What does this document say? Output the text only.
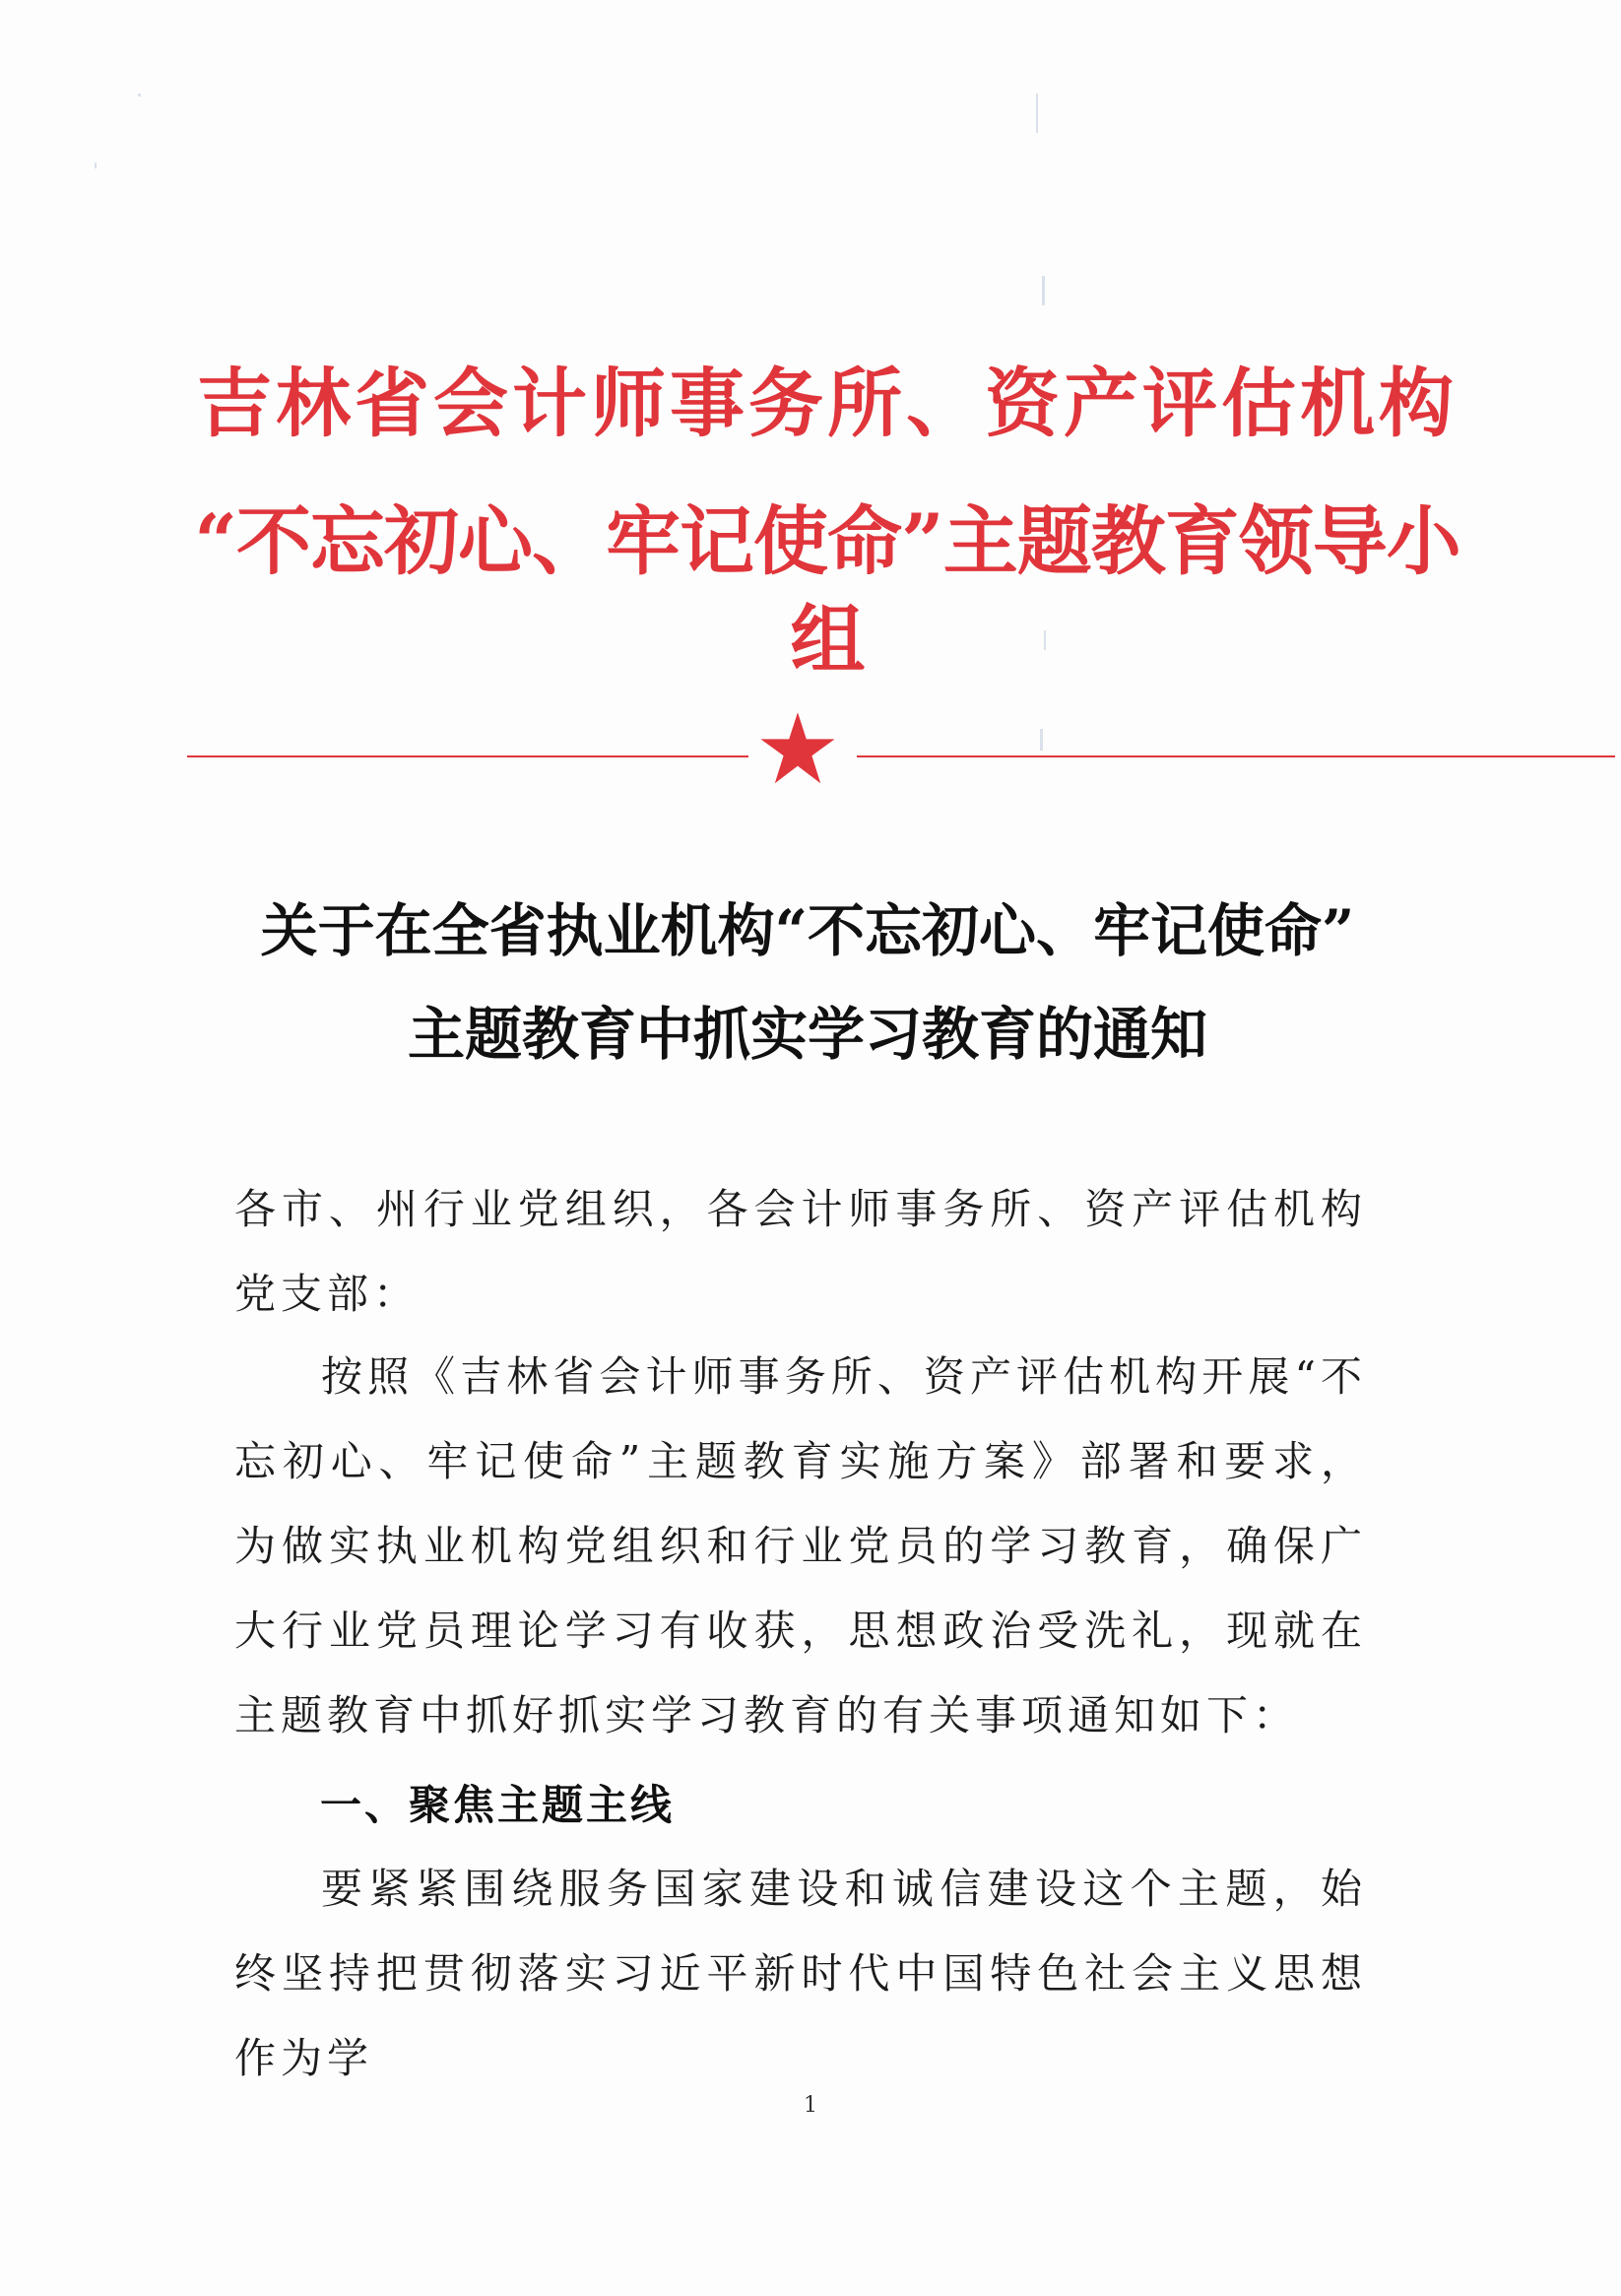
吉林省会计师事务所、资产评估机构
“不忘初心、牢记使命”主题教育领导小组
关于在全省执业机构“不忘初心、牢记使命”
主题教育中抓实学习教育的通知
各市、州行业党组织，各会计师事务所、资产评估机构党支部：
按照《吉林省会计师事务所、资产评估机构开展“不忘初心、牢记使命”主题教育实施方案》部署和要求，为做实执业机构党组织和行业党员的学习教育，确保广大行业党员理论学习有收获，思想政治受洗礼，现就在主题教育中抓好抓实学习教育的有关事项通知如下：
一、聚焦主题主线
要紧紧围绕服务国家建设和诚信建设这个主题，始终坚持把贯彻落实习近平新时代中国特色社会主义思想作为学
1
